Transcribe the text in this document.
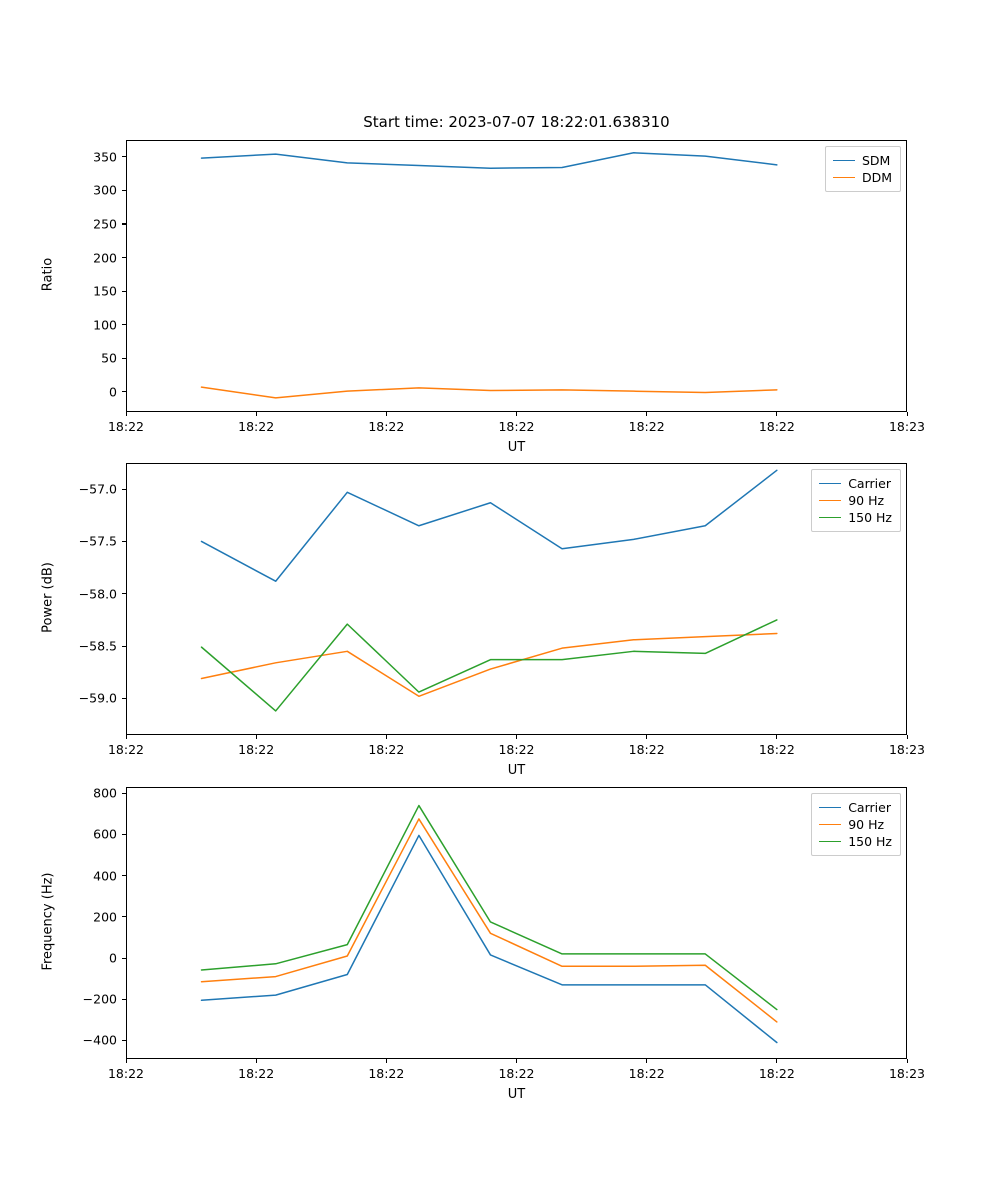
Start time: 2023-07-07 18:22:01.638310
18:22	18:22	18:22	18:22	18:22	18:22	18:23
0
50
100
150
200
250
300
350
UT
Ratio
SDM
DDM
18:22	18:22	18:22	18:22	18:22	18:22	18:23
−59.0
−58.5
−58.0
−57.5
−57.0
UT
Power (dB)
Carrier
90 Hz
150 Hz
18:22	18:22	18:22	18:22	18:22	18:22	18:23
−400
−200
0
200
400
600
800
UT
Frequency (Hz)
Carrier
90 Hz
150 Hz
